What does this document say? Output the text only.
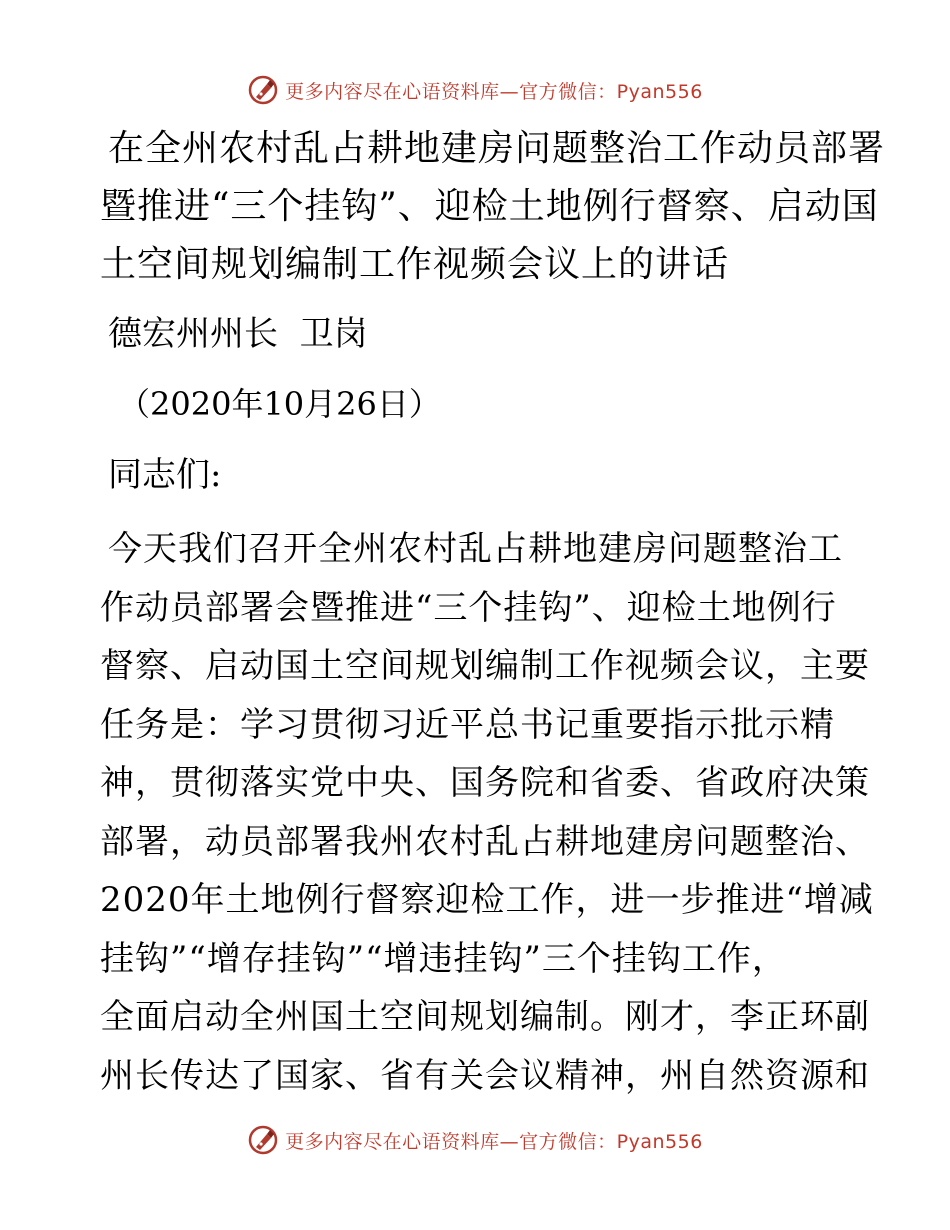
更多内容尽在心语资料库—官方微信：Pyan556
在全州农村乱占耕地建房问题整治工作动员部署
暨推进“三个挂钩”、迎检土地例行督察、启动国
土空间规划编制工作视频会议上的讲话
德宏州州长  卫岗
（2020年10月26日）
同志们:
今天我们召开全州农村乱占耕地建房问题整治工
作动员部署会暨推进“三个挂钩”、迎检土地例行
督察、启动国土空间规划编制工作视频会议，主要
任务是：学习贯彻习近平总书记重要指示批示精
神，贯彻落实党中央、国务院和省委、省政府决策
部署，动员部署我州农村乱占耕地建房问题整治、
2020年土地例行督察迎检工作，进一步推进“增减
挂钩”“增存挂钩”“增违挂钩”三个挂钩工作，
全面启动全州国土空间规划编制。刚才，李正环副
州长传达了国家、省有关会议精神，州自然资源和
更多内容尽在心语资料库—官方微信：Pyan556
